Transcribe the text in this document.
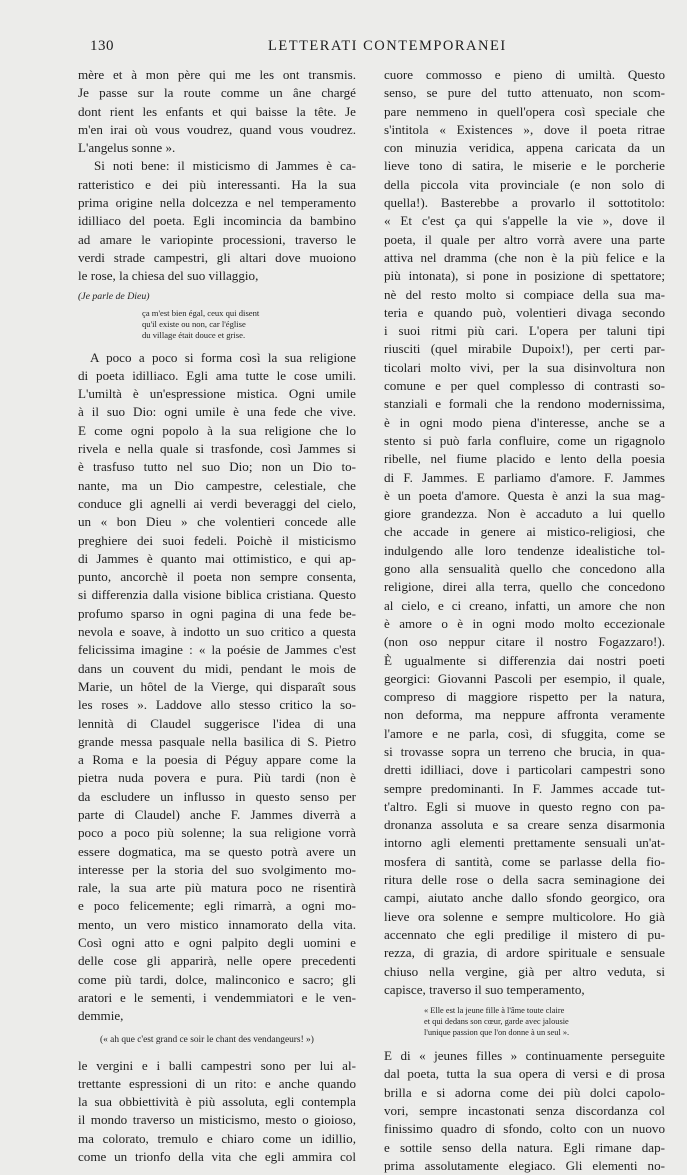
130	LETTERATI CONTEMPORANEI
mère et à mon père qui me les ont transmis.
Je passe sur la route comme un âne chargé
dont rient les enfants et qui baisse la tête. Je
m'en irai où vous voudrez, quand vous voudrez.
L'angelus sonne ».
Si noti bene: il misticismo di Jammes è ca-
ratteristico e dei più interessanti. Ha la sua
prima origine nella dolcezza e nel temperamento
idilliaco del poeta. Egli incomincia da bambino
ad amare le variopinte processioni, traverso le
verdi strade campestri, gli altari dove muoiono
le rose, la chiesa del suo villaggio,
(Je parle de Dieu)
ça m'est bien égal, ceux qui disent
qu'il existe ou non, car l'église
du village était douce et grise.
A poco a poco si forma così la sua religione
di poeta idilliaco. Egli ama tutte le cose umili.
L'umiltà è un'espressione mistica. Ogni umile
à il suo Dio: ogni umile è una fede che vive.
E come ogni popolo à la sua religione che lo
rivela e nella quale si trasfonde, così Jammes si
è trasfuso tutto nel suo Dio; non un Dio to-
nante, ma un Dio campestre, celestiale, che
conduce gli agnelli ai verdi beveraggi del cielo,
un « bon Dieu » che volentieri concede alle
preghiere dei suoi fedeli. Poichè il misticismo
di Jammes è quanto mai ottimistico, e qui ap-
punto, ancorchè il poeta non sempre consenta,
si differenzia dalla visione biblica cristiana. Questo
profumo sparso in ogni pagina di una fede be-
nevola e soave, à indotto un suo critico a questa
felicissima imagine : « la poésie de Jammes c'est
dans un couvent du midi, pendant le mois de
Marie, un hôtel de la Vierge, qui disparaît sous
les roses ». Laddove allo stesso critico la so-
lennità di Claudel suggerisce l'idea di una
grande messa pasquale nella basilica di S. Pietro
a Roma e la poesia di Péguy appare come la
pietra nuda povera e pura. Più tardi (non è
da escludere un influsso in questo senso per
parte di Claudel) anche F. Jammes diverrà a
poco a poco più solenne; la sua religione vorrà
essere dogmatica, ma se questo potrà avere un
interesse per la storia del suo svolgimento mo-
rale, la sua arte più matura poco ne risentirà
e poco felicemente; egli rimarrà, a ogni mo-
mento, un vero mistico innamorato della vita.
Così ogni atto e ogni palpito degli uomini e
delle cose gli apparirà, nelle opere precedenti
come più tardi, dolce, malinconico e sacro; gli
aratori e le sementi, i vendemmiatori e le ven-
demmie,
(« ah que c'est grand ce soir le chant des vendangeurs! »)
le vergini e i balli campestri sono per lui al-
trettante espressioni di un rito: e anche quando
la sua obbiettività è più assoluta, egli contempla
il mondo traverso un misticismo, mesto o gioioso,
ma colorato, tremulo e chiaro come un idillio,
come un trionfo della vita che egli ammira col
cuore commosso e pieno di umiltà. Questo
senso, se pure del tutto attenuato, non scom-
pare nemmeno in quell'opera così speciale che
s'intitola « Existences », dove il poeta ritrae
con minuzia veridica, appena caricata da un
lieve tono di satira, le miserie e le porcherie
della piccola vita provinciale (e non solo di
quella!). Basterebbe a provarlo il sottotitolo:
« Et c'est ça qui s'appelle la vie », dove il
poeta, il quale per altro vorrà avere una parte
attiva nel dramma (che non è la più felice e la
più intonata), si pone in posizione di spettatore;
nè del resto molto si compiace della sua ma-
teria e quando può, volentieri divaga secondo
i suoi ritmi più cari. L'opera per taluni tipi
riusciti (quel mirabile Dupoix!), per certi par-
ticolari molto vivi, per la sua disinvoltura non
comune e per quel complesso di contrasti so-
stanziali e formali che la rendono modernissima,
è in ogni modo piena d'interesse, anche se a
stento si può farla confluire, come un rigagnolo
ribelle, nel fiume placido e lento della poesia
di F. Jammes. E parliamo d'amore. F. Jammes
è un poeta d'amore. Questa è anzi la sua mag-
giore grandezza. Non è accaduto a lui quello
che accade in genere ai mistico-religiosi, che
indulgendo alle loro tendenze idealistiche tol-
gono alla sensualità quello che concedono alla
religione, direi alla terra, quello che concedono
al cielo, e ci creano, infatti, un amore che non
è amore o è in ogni modo molto eccezionale
(non oso neppur citare il nostro Fogazzaro!).
È ugualmente si differenzia dai nostri poeti
georgici: Giovanni Pascoli per esempio, il quale,
compreso di maggiore rispetto per la natura,
non deforma, ma neppure affronta veramente
l'amore e ne parla, così, di sfuggita, come se
si trovasse sopra un terreno che brucia, in qua-
dretti idilliaci, dove i particolari campestri sono
sempre predominanti. In F. Jammes accade tut-
t'altro. Egli si muove in questo regno con pa-
dronanza assoluta e sa creare senza disarmonia
intorno agli elementi prettamente sensuali un'at-
mosfera di santità, come se parlasse della fio-
ritura delle rose o della sacra seminagione dei
campi, aiutato anche dallo sfondo georgico, ora
lieve ora solenne e sempre multicolore. Ho già
accennato che egli predilige il mistero di pu-
rezza, di grazia, di ardore spirituale e sensuale
chiuso nella vergine, già per altro veduta, si
capisce, traverso il suo temperamento,
« Elle est la jeune fille à l'âme toute claire
et qui dedans son cœur, garde avec jalousie
l'unique passion que l'on donne à un seul ».
E di « jeunes filles » continuamente perseguite
dal poeta, tutta la sua opera di versi e di prosa
brilla e si adorna come dei più dolci capolo-
vori, sempre incastonati senza discordanza col
finissimo quadro di sfondo, colto con un nuovo
e sottile senso della natura. Egli rimane dap-
prima assolutamente elegiaco. Gli elementi no-
